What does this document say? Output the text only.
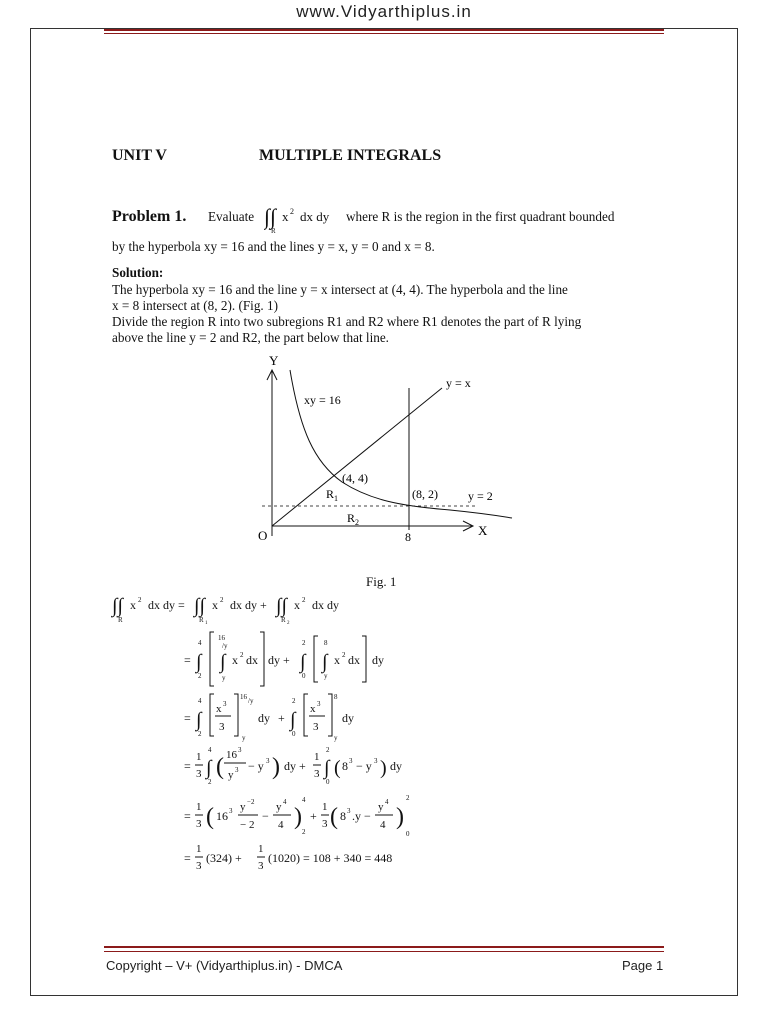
www.Vidyarthiplus.in
UNIT V	MULTIPLE INTEGRALS
Problem 1. Evaluate ∫∫
R
x 2 dx dy where R is the region in the first quadrant bounded
by the hyperbola xy = 16 and the lines y = x, y = 0 and x = 8.
Solution:
The hyperbola xy = 16 and the line y = x intersect at (4, 4). The hyperbola and the line
x = 8 intersect at (8, 2). (Fig. 1)
Divide the region R into two subregions R1 and R2 where R1 denotes the part of R lying
above the line y = 2 and R2, the part below that line.
Y
X
O	8
xy = 16
y = x
(4, 4)
(8, 2)	y = 2
$R_1$
$R_2$
Fig. 1
∫∫
R
x 2 dx dy = ∫∫
R 1
x 2 dx dy + ∫∫
R 2
x 2 dx dy
= ∫
4
2
∫
16
/y
y
x 2 dx dy + ∫
2
0
∫
8
y
x 2 dx dy
= ∫
4
2
x 3
3
16 /y
y
dy + ∫
2
0
x 3
3
8
y
dy
=
1
3 ∫
4
2
( 16 3
y 3 − y 3 ) dy +
1
3 ∫
2
0
( 8 3 − y 3 ) dy
=
1
3 ( 16 3 y −2
− 2
−
y 4
4 )
4
2
+
1
3 ( 8 3 .y −
y 4
4 )
2
0
=
1
3
(324) +
1
3
(1020) = 108 + 340 = 448
Copyright – V+ (Vidyarthiplus.in) - DMCA	Page 1
